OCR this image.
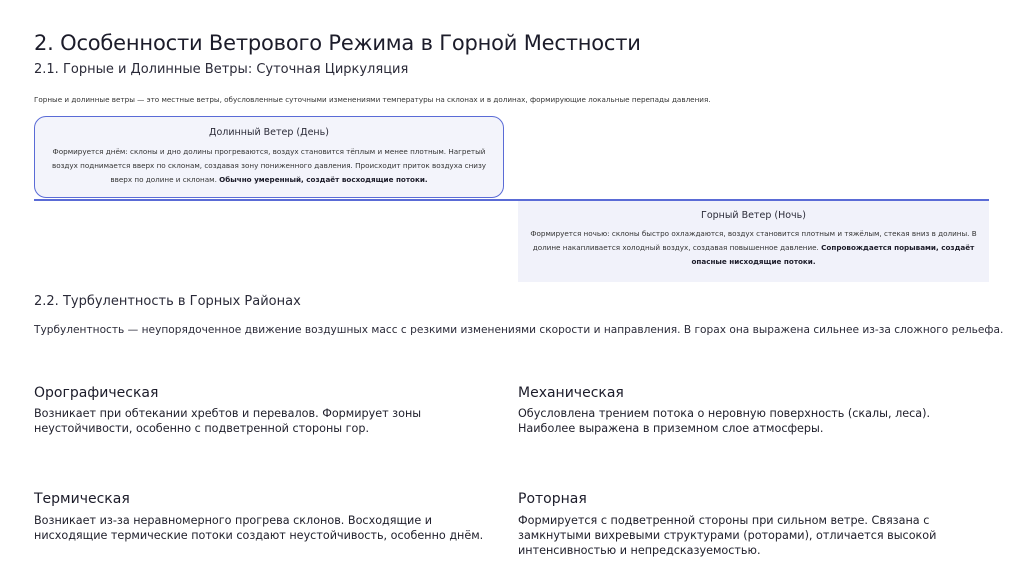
2. Особенности Ветрового Режима в Горной Местности
2.1. Горные и Долинные Ветры: Суточная Циркуляция
Горные и долинные ветры — это местные ветры, обусловленные суточными изменениями температуры на склонах и в долинах, формирующие локальные перепады давления.
Долинный Ветер (День)
Формируется днём: склоны и дно долины прогреваются, воздух становится тёплым и менее плотным. Нагретый воздух поднимается вверх по склонам, создавая зону пониженного давления. Происходит приток воздуха снизу вверх по долине и склонам. Обычно умеренный, создаёт восходящие потоки.
Горный Ветер (Ночь)
Формируется ночью: склоны быстро охлаждаются, воздух становится плотным и тяжёлым, стекая вниз в долины. В долине накапливается холодный воздух, создавая повышенное давление. Сопровождается порывами, создаёт опасные нисходящие потоки.
2.2. Турбулентность в Горных Районах
Турбулентность — неупорядоченное движение воздушных масс с резкими изменениями скорости и направления. В горах она выражена сильнее из-за сложного рельефа.
Орографическая
Возникает при обтекании хребтов и перевалов. Формирует зоны неустойчивости, особенно с подветренной стороны гор.
Механическая
Обусловлена трением потока о неровную поверхность (скалы, леса). Наиболее выражена в приземном слое атмосферы.
Термическая
Возникает из-за неравномерного прогрева склонов. Восходящие и нисходящие термические потоки создают неустойчивость, особенно днём.
Роторная
Формируется с подветренной стороны при сильном ветре. Связана с замкнутыми вихревыми структурами (роторами), отличается высокой интенсивностью и непредсказуемостью.
